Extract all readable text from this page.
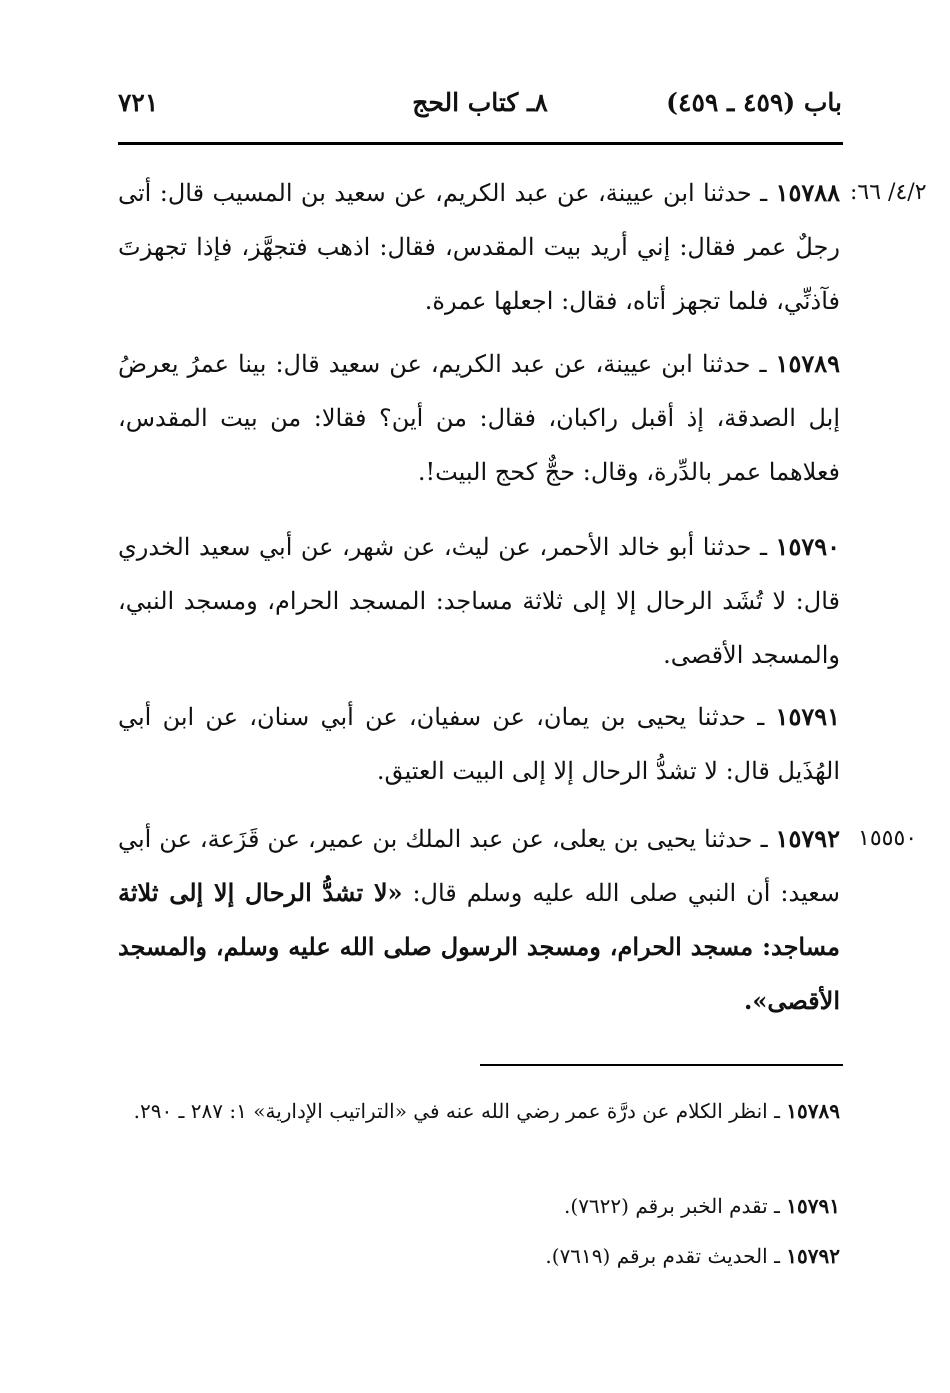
باب (٤٥٩ ـ ٤٥٩)
٨ـ كتاب الحج
٧٢١
٤/٢/ ٦٦:
١٥٥٥٠
١٥٧٨٨ ـ حدثنا ابن عيينة، عن عبد الكريم، عن سعيد بن المسيب قال: أتى رجلٌ عمر فقال: إني أريد بيت المقدس، فقال: اذهب فتجهَّز، فإذا تجهزتَ فآذنِّي، فلما تجهز أتاه، فقال: اجعلها عمرة.
١٥٧٨٩ ـ حدثنا ابن عيينة، عن عبد الكريم، عن سعيد قال: بينا عمرُ يعرضُ إبل الصدقة، إذ أقبل راكبان، فقال: من أين؟ فقالا: من بيت المقدس، فعلاهما عمر بالدِّرة، وقال: حجٌّ كحج البيت!.
١٥٧٩٠ ـ حدثنا أبو خالد الأحمر، عن ليث، عن شهر، عن أبي سعيد الخدري قال: لا تُشَد الرحال إلا إلى ثلاثة مساجد: المسجد الحرام، ومسجد النبي، والمسجد الأقصى.
١٥٧٩١ ـ حدثنا يحيى بن يمان، عن سفيان، عن أبي سنان، عن ابن أبي الهُذَيل قال: لا تشدُّ الرحال إلا إلى البيت العتيق.
١٥٧٩٢ ـ حدثنا يحيى بن يعلى، عن عبد الملك بن عمير، عن قَزَعة، عن أبي سعيد: أن النبي صلى الله عليه وسلم قال: «لا تشدُّ الرحال إلا إلى ثلاثة مساجد: مسجد الحرام، ومسجد الرسول صلى الله عليه وسلم، والمسجد الأقصى».
١٥٧٨٩ ـ انظر الكلام عن درَّة عمر رضي الله عنه في «التراتيب الإدارية» ١: ٢٨٧ ـ ٢٩٠.
١٥٧٩١ ـ تقدم الخبر برقم (٧٦٢٢).
١٥٧٩٢ ـ الحديث تقدم برقم (٧٦١٩).
